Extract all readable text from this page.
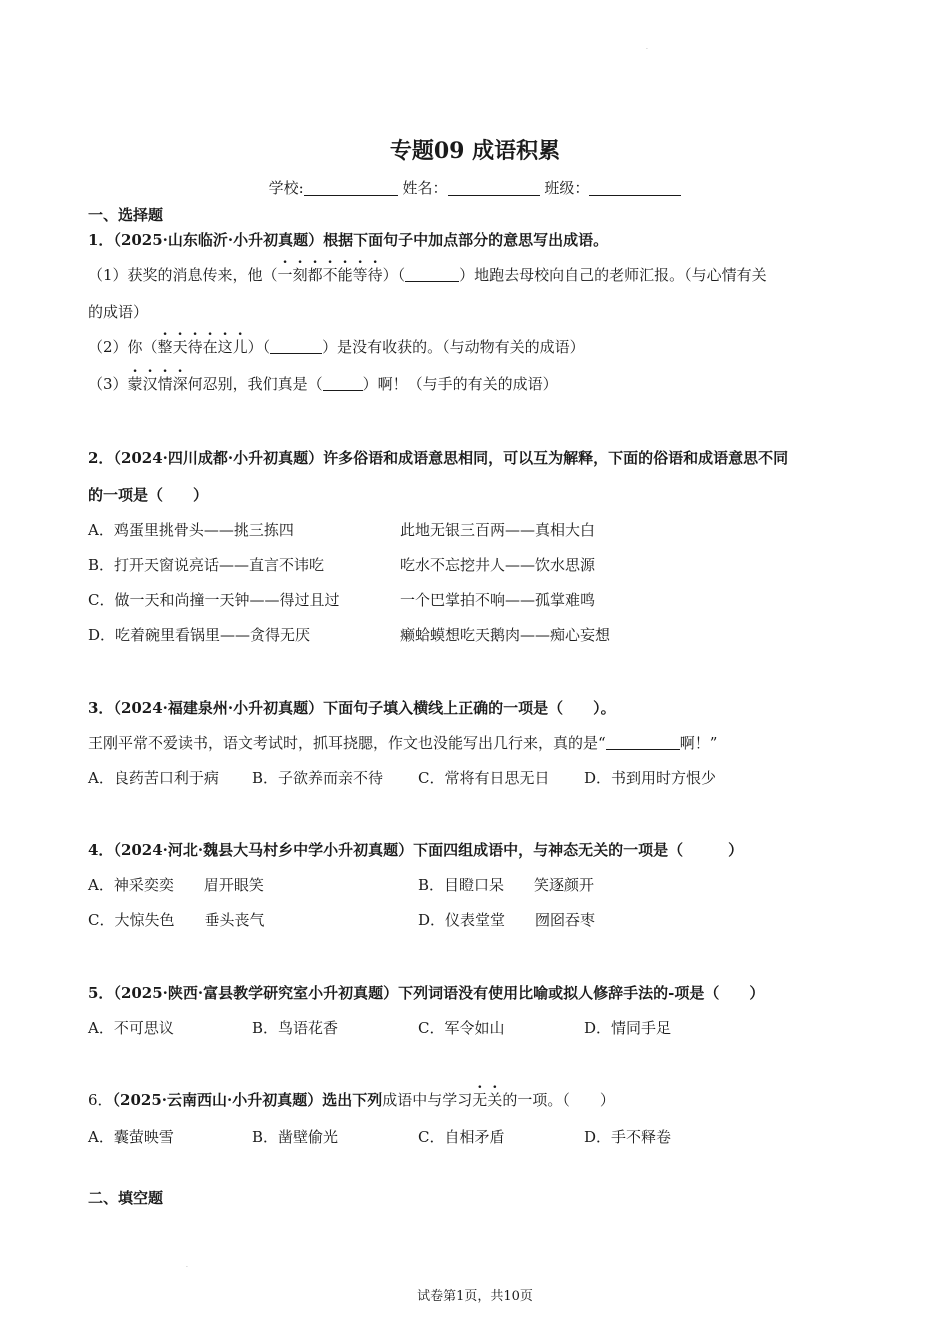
·
专题09 成语积累
学校:	姓名：	班级：
一、选择题
1．（2025·山东临沂·小升初真题）根据下面句子中加点部分的意思写出成语。
（1）获奖的消息传来，他（一刻都不能等待）（	）地跑去母校向自己的老师汇报。（与心情有关
的成语）
（2）你（整天待在这儿）（	）是没有收获的。（与动物有关的成语）
（3）蒙汉情深何忍别，我们真是（	）啊！（与手的有关的成语）
2．（2024·四川成都·小升初真题）许多俗语和成语意思相同，可以互为解释，下面的俗语和成语意思不同
的一项是（　　）
A．鸡蛋里挑骨头——挑三拣四	此地无银三百两——真相大白
B．打开天窗说亮话——直言不讳吃	吃水不忘挖井人——饮水思源
C．做一天和尚撞一天钟——得过且过	一个巴掌拍不响——孤掌难鸣
D．吃着碗里看锅里——贪得无厌	癞蛤蟆想吃天鹅肉——痴心妄想
3．（2024·福建泉州·小升初真题）下面句子填入横线上正确的一项是（　　）。
王刚平常不爱读书，语文考试时，抓耳挠腮，作文也没能写出几行来，真的是“	啊！”
A．良药苦口利于病 B．子欲养而亲不待 C．常将有日思无日 D．书到用时方恨少
4．（2024·河北·魏县大马村乡中学小升初真题）下面四组成语中，与神态无关的一项是（　　　）
A．神采奕奕　　眉开眼笑	B．目瞪口呆　　笑逐颜开
C．大惊失色　　垂头丧气	D．仪表堂堂　　囫囵吞枣
5．（2025·陕西·富县教学研究室小升初真题）下列词语没有使用比喻或拟人修辞手法的-项是（　　）
A．不可思议	B．鸟语花香	C．军令如山	D．情同手足
6．（2025·云南西山·小升初真题）选出下列成语中与学习无关的一项。（　　）
A．囊萤映雪	B．凿壁偷光	C．自相矛盾	D．手不释卷
二、填空题
·
试卷第1页，共10页
